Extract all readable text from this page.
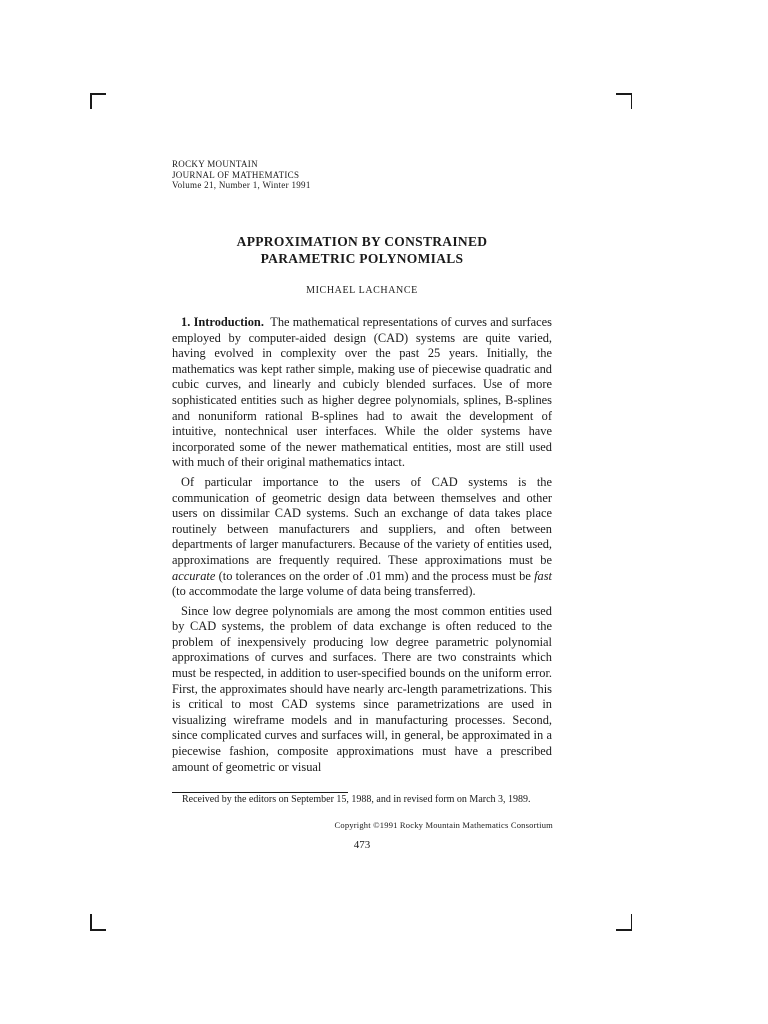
ROCKY MOUNTAIN
JOURNAL OF MATHEMATICS
Volume 21, Number 1, Winter 1991
APPROXIMATION BY CONSTRAINED
PARAMETRIC POLYNOMIALS
MICHAEL LACHANCE

1. Introduction. The mathematical representations of curves and surfaces employed by computer-aided design (CAD) systems are quite varied, having evolved in complexity over the past 25 years. Initially, the mathematics was kept rather simple, making use of piecewise quadratic and cubic curves, and linearly and cubicly blended surfaces. Use of more sophisticated entities such as higher degree polynomials, splines, B-splines and nonuniform rational B-splines had to await the development of intuitive, nontechnical user interfaces. While the older systems have incorporated some of the newer mathematical entities, most are still used with much of their original mathematics intact.

Of particular importance to the users of CAD systems is the communication of geometric design data between themselves and other users on dissimilar CAD systems. Such an exchange of data takes place routinely between manufacturers and suppliers, and often between departments of larger manufacturers. Because of the variety of entities used, approximations are frequently required. These approximations must be accurate (to tolerances on the order of .01 mm) and the process must be fast (to accommodate the large volume of data being transferred).

Since low degree polynomials are among the most common entities used by CAD systems, the problem of data exchange is often reduced to the problem of inexpensively producing low degree parametric polynomial approximations of curves and surfaces. There are two constraints which must be respected, in addition to user-specified bounds on the uniform error. First, the approximates should have nearly arc-length parametrizations. This is critical to most CAD systems since parametrizations are used in visualizing wireframe models and in manufacturing processes. Second, since complicated curves and surfaces will, in general, be approximated in a piecewise fashion, composite approximations must have a prescribed amount of geometric or visual

Received by the editors on September 15, 1988, and in revised form on March 3, 1989.
Copyright ©1991 Rocky Mountain Mathematics Consortium
473
